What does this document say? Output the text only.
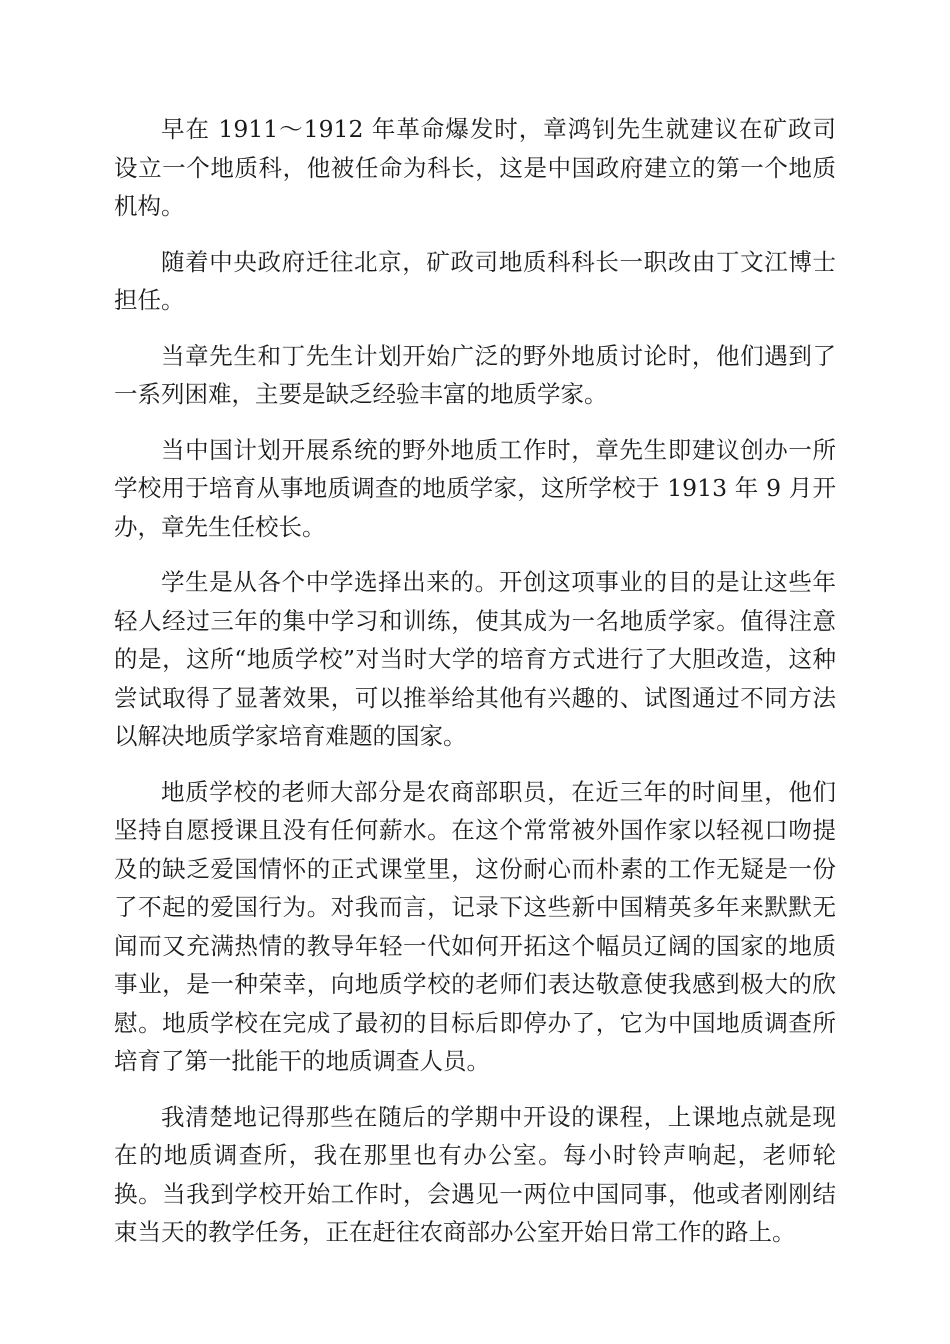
早在 1911～1912 年革命爆发时，章鸿钊先生就建议在矿政司设立一个地质科，他被任命为科长，这是中国政府建立的第一个地质机构。

随着中央政府迁往北京，矿政司地质科科长一职改由丁文江博士担任。

当章先生和丁先生计划开始广泛的野外地质讨论时，他们遇到了一系列困难，主要是缺乏经验丰富的地质学家。

当中国计划开展系统的野外地质工作时，章先生即建议创办一所学校用于培育从事地质调查的地质学家，这所学校于 1913 年 9 月开办，章先生任校长。

学生是从各个中学选择出来的。开创这项事业的目的是让这些年轻人经过三年的集中学习和训练，使其成为一名地质学家。值得注意的是，这所“地质学校”对当时大学的培育方式进行了大胆改造，这种尝试取得了显著效果，可以推举给其他有兴趣的、试图通过不同方法以解决地质学家培育难题的国家。

地质学校的老师大部分是农商部职员，在近三年的时间里，他们坚持自愿授课且没有任何薪水。在这个常常被外国作家以轻视口吻提及的缺乏爱国情怀的正式课堂里，这份耐心而朴素的工作无疑是一份了不起的爱国行为。对我而言，记录下这些新中国精英多年来默默无闻而又充满热情的教导年轻一代如何开拓这个幅员辽阔的国家的地质事业，是一种荣幸，向地质学校的老师们表达敬意使我感到极大的欣慰。地质学校在完成了最初的目标后即停办了，它为中国地质调查所培育了第一批能干的地质调查人员。

我清楚地记得那些在随后的学期中开设的课程，上课地点就是现在的地质调查所，我在那里也有办公室。每小时铃声响起，老师轮换。当我到学校开始工作时，会遇见一两位中国同事，他或者刚刚结束当天的教学任务，正在赶往农商部办公室开始日常工作的路上。
